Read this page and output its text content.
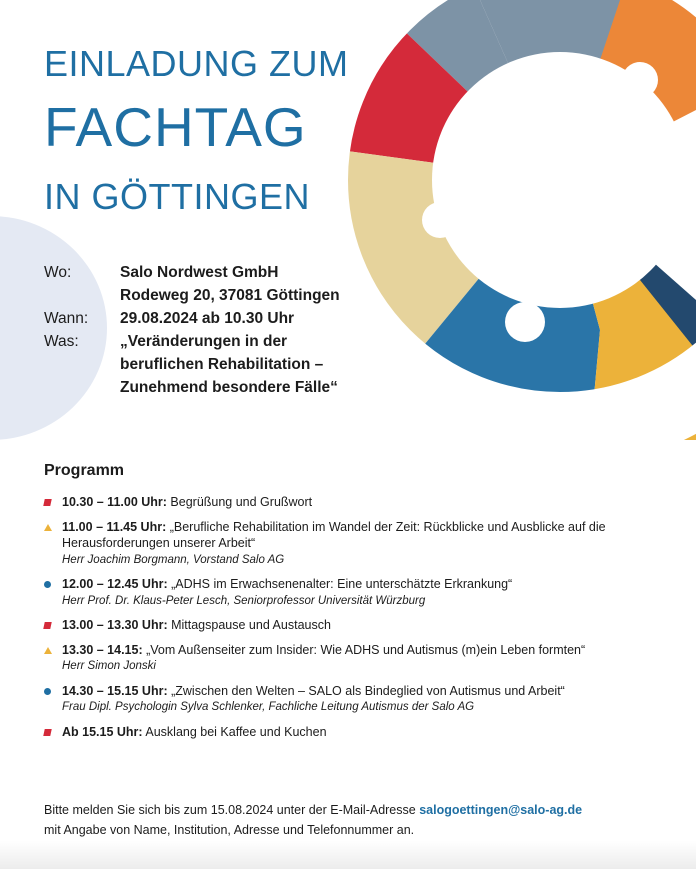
EINLADUNG ZUM
FACHTAG
IN GÖTTINGEN
Wo:	Salo Nordwest GmbH
Rodeweg 20, 37081 Göttingen
Wann:	29.08.2024 ab 10.30 Uhr
Was:	„Veränderungen in der
beruflichen Rehabilitation –
Zunehmend besondere Fälle“
Programm
10.30 – 11.00 Uhr: Begrüßung und Grußwort
11.00 – 11.45 Uhr: „Berufliche Rehabilitation im Wandel der Zeit: Rückblicke und Ausblicke auf die Herausforderungen unserer Arbeit“
Herr Joachim Borgmann, Vorstand Salo AG
12.00 – 12.45 Uhr: „ADHS im Erwachsenenalter: Eine unterschätzte Erkrankung“
Herr Prof. Dr. Klaus-Peter Lesch, Seniorprofessor Universität Würzburg
13.00 – 13.30 Uhr: Mittagspause und Austausch
13.30 – 14.15: „Vom Außenseiter zum Insider: Wie ADHS und Autismus (m)ein Leben formten“
Herr Simon Jonski
14.30 – 15.15 Uhr: „Zwischen den Welten – SALO als Bindeglied von Autismus und Arbeit“
Frau Dipl. Psychologin Sylva Schlenker, Fachliche Leitung Autismus der Salo AG
Ab 15.15 Uhr: Ausklang bei Kaffee und Kuchen
Bitte melden Sie sich bis zum 15.08.2024 unter der E-Mail-Adresse salogoettingen@salo-ag.de
mit Angabe von Name, Institution, Adresse und Telefonnummer an.
